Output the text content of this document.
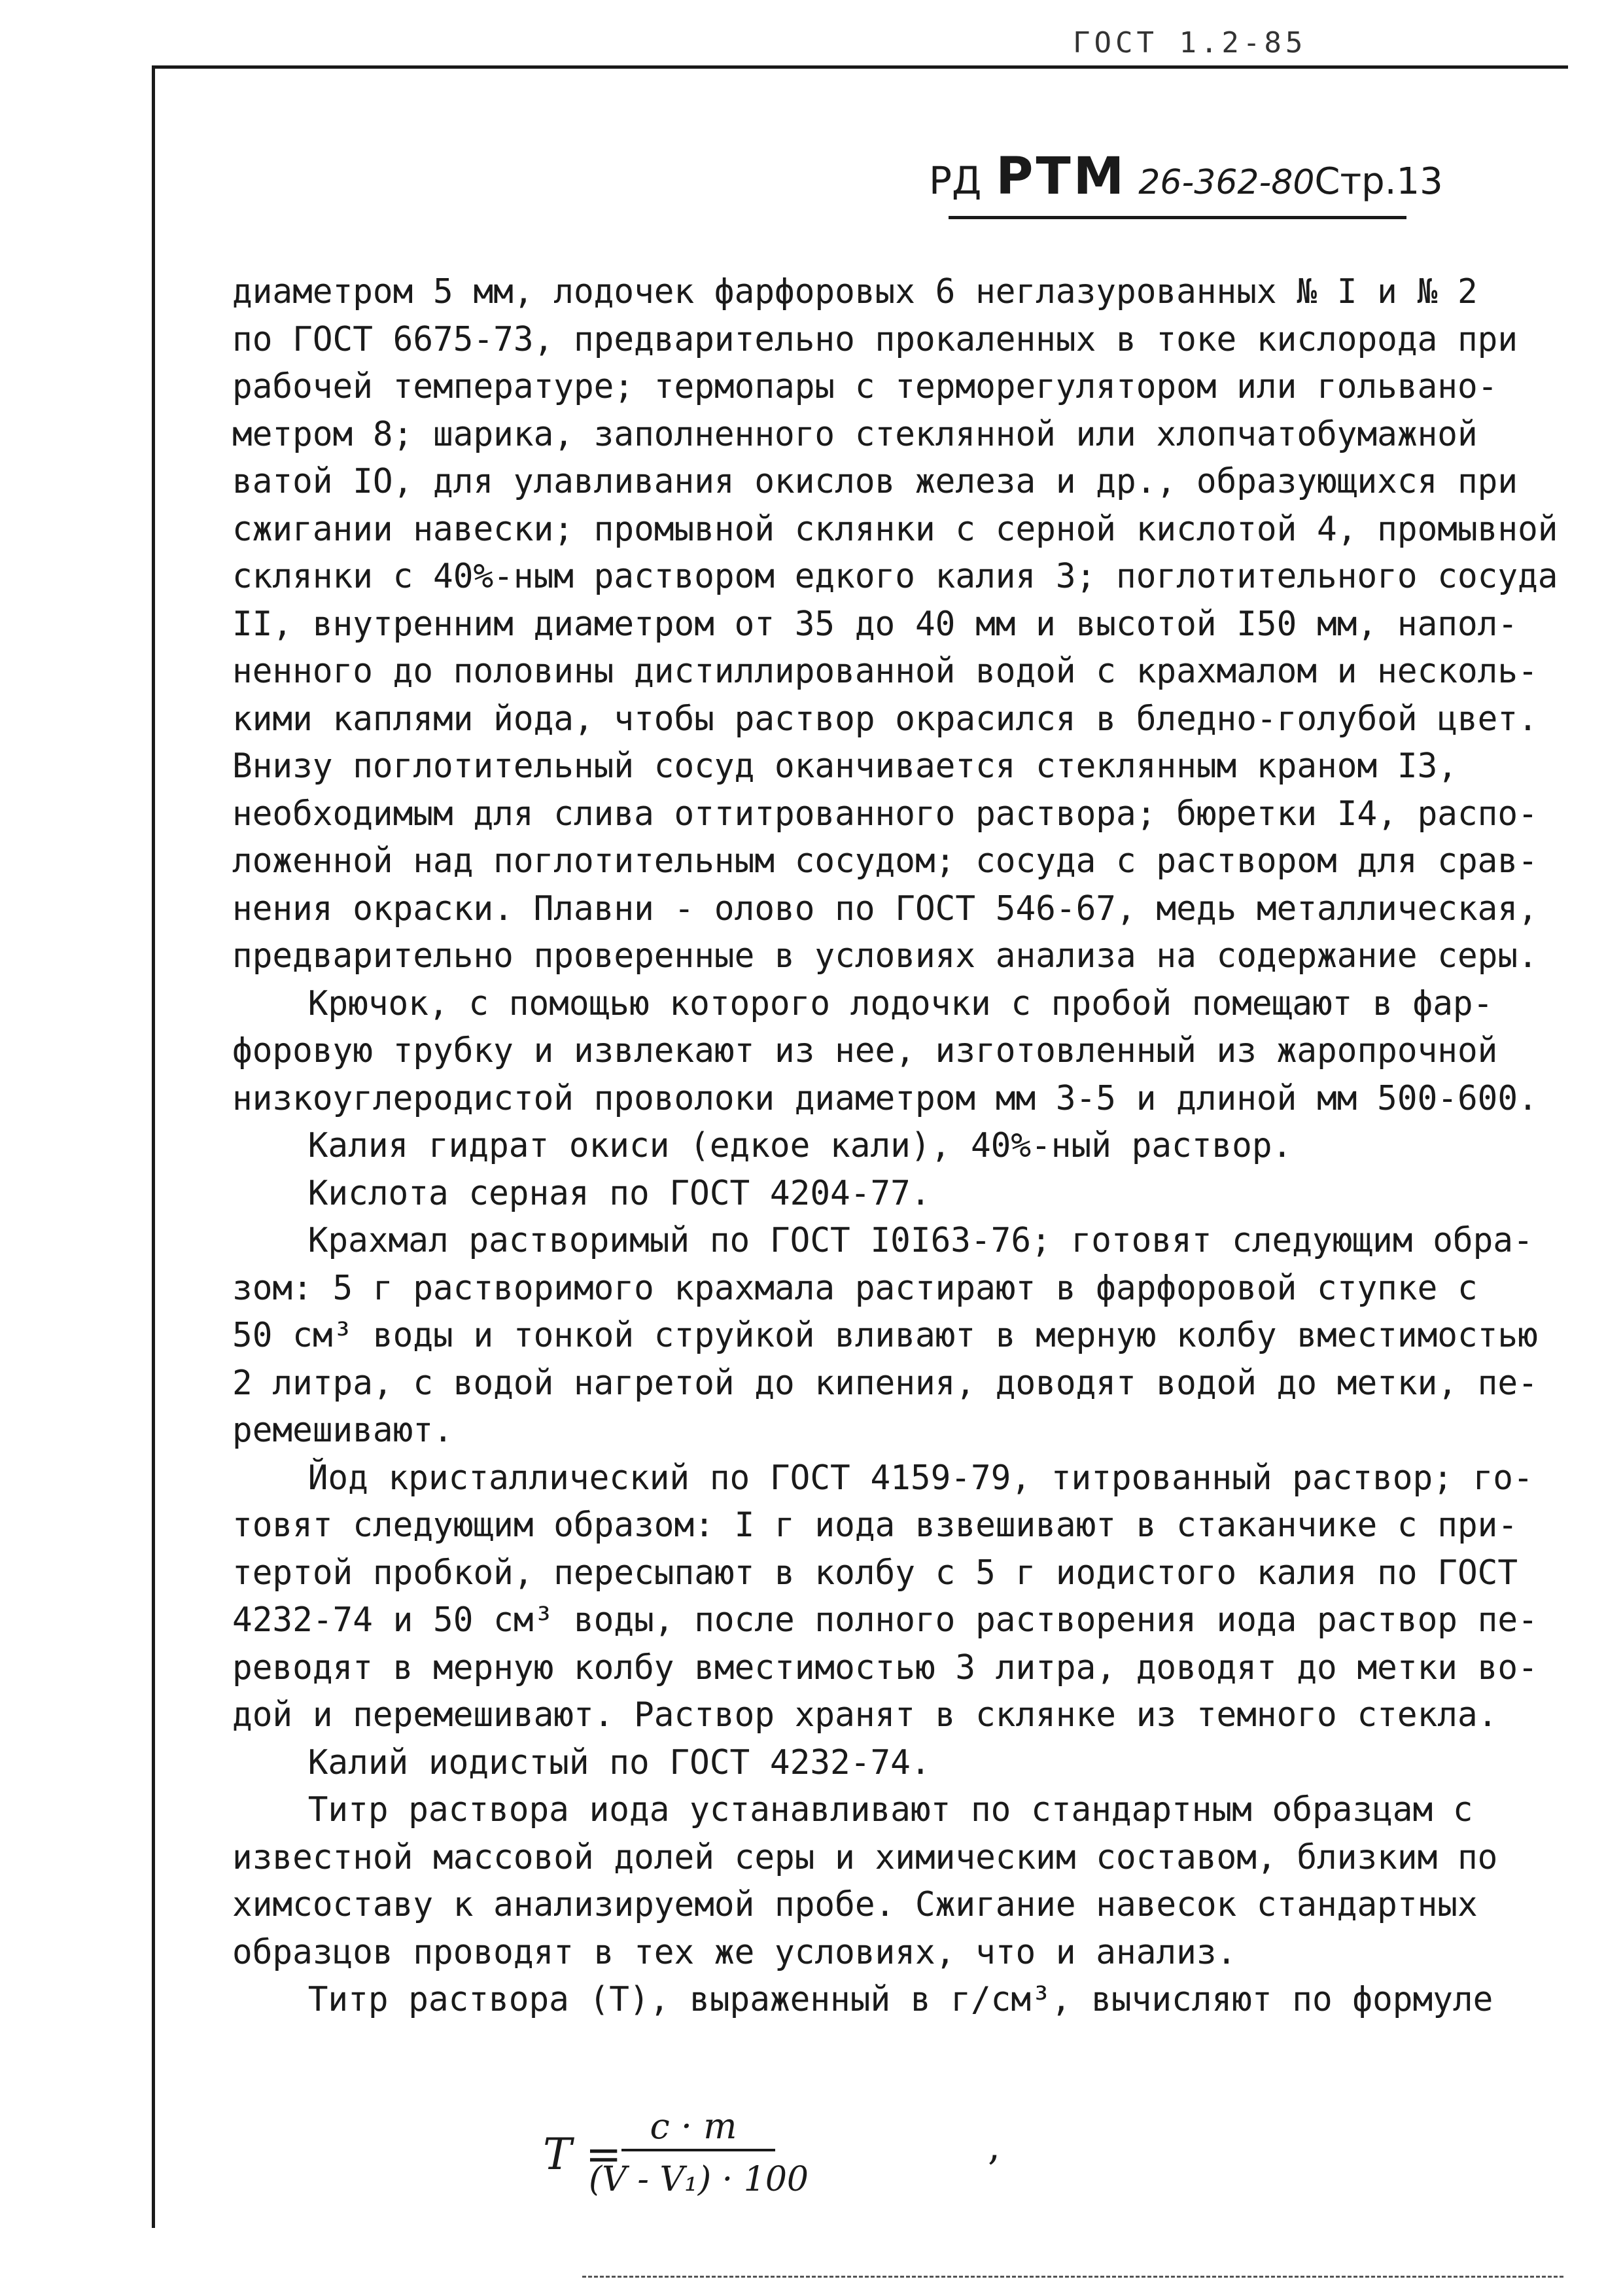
ГОСТ 1.2-85
РД РТМ 26-362-80Стр.13
диаметром 5 мм, лодочек фарфоровых 6 неглазурованных № I и № 2
по ГОСТ 6675-73, предварительно прокаленных в токе кислорода при
рабочей температуре; термопары с терморегулятором или гольвано-
метром 8; шарика, заполненного стеклянной или хлопчатобумажной
ватой IO, для улавливания окислов железа и др., образующихся при
сжигании навески; промывной склянки с серной кислотой 4, промывной
склянки с 40%-ным раствором едкого калия 3; поглотительного сосуда
II, внутренним диаметром от 35 до 40 мм и высотой I50 мм, напол-
ненного до половины дистиллированной водой с крахмалом и несколь-
кими каплями йода, чтобы раствор окрасился в бледно-голубой цвет.
Внизу поглотительный сосуд оканчивается стеклянным краном I3,
необходимым для слива оттитрованного раствора; бюретки I4, распо-
ложенной над поглотительным сосудом; сосуда с раствором для срав-
нения окраски. Плавни - олово по ГОСТ 546-67, медь металлическая,
предварительно проверенные в условиях анализа на содержание серы.
Крючок, с помощью которого лодочки с пробой помещают в фар-
форовую трубку и извлекают из нее, изготовленный из жаропрочной
низкоуглеродистой проволоки диаметром мм 3-5 и длиной мм 500-600.
Калия гидрат окиси (едкое кали), 40%-ный раствор.
Кислота серная по ГОСТ 4204-77.
Крахмал растворимый по ГОСТ I0I63-76; готовят следующим обра-
зом: 5 г растворимого крахмала растирают в фарфоровой ступке с
50 см³ воды и тонкой струйкой вливают в мерную колбу вместимостью
2 литра, с водой нагретой до кипения, доводят водой до метки, пе-
ремешивают.
Йод кристаллический по ГОСТ 4159-79, титрованный раствор; го-
товят следующим образом: I г иода взвешивают в стаканчике с при-
тертой пробкой, пересыпают в колбу с 5 г иодистого калия по ГОСТ
4232-74 и 50 см³ воды, после полного растворения иода раствор пе-
реводят в мерную колбу вместимостью 3 литра, доводят до метки во-
дой и перемешивают. Раствор хранят в склянке из темного стекла.
Калий иодистый по ГОСТ 4232-74.
Титр раствора иода устанавливают по стандартным образцам с
известной массовой долей серы и химическим составом, близким по
химсоставу к анализируемой пробе. Сжигание навесок стандартных
образцов проводят в тех же условиях, что и анализ.
Титр раствора (Т), выраженный в г/см³, вычисляют по формуле
T =
c · m
(V - V₁) · 100
,
